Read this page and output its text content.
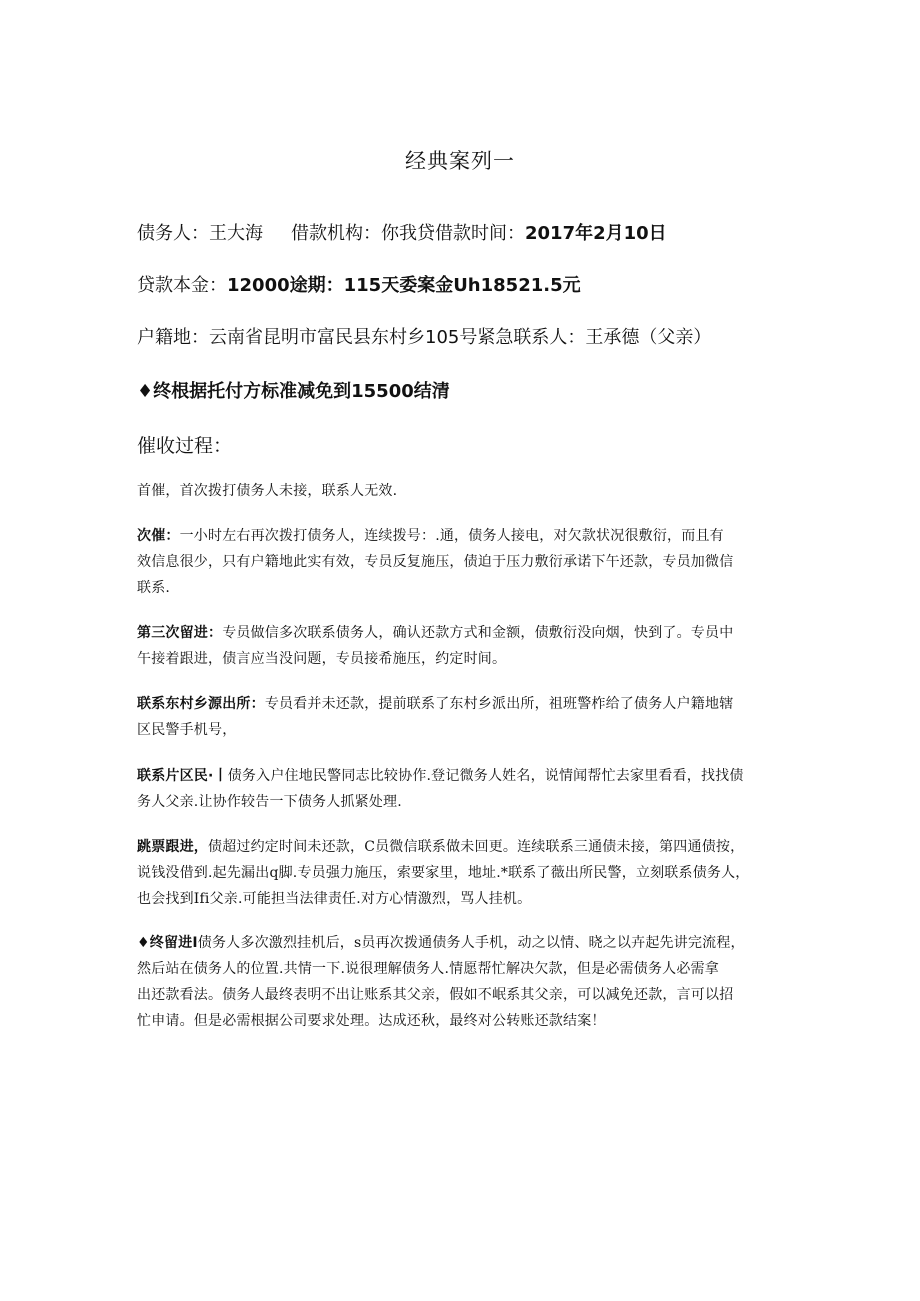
经典案列一
债务人：王大海 借款机构：你我贷借款时间：2017年2月10日
贷款本金：12000途期：115天委案金Uh18521.5元
户籍地：云南省昆明市富民县东村乡105号紧急联系人：王承德（父亲）
♦终根据托付方标准减免到15500结清
催收过程：
首催，首次拨打债务人未接，联系人无效.
次催：一小时左右再次拨打债务人，连续拨号：.通，债务人接电，对欠款状况很敷衍，而且有
效信息很少，只有户籍地此实有效，专员反复施压，债迫于压力敷衍承诺下午还款，专员加微信
联系.
第三次留进：专员做信多次联系债务人，确认还款方式和金额，债敷衍没向烟，快到了。专员中
午接着跟进，债言应当没问题，专员接希施压，约定时间。
联系东村乡源出所：专员看并未还款，提前联系了东村乡派出所，祖班警柞给了债务人户籍地辖
区民警手机号，
联系片区民·丨债务入户住地民警同志比较协作.登记微务人姓名，说情闻帮忙去家里看看，找找债
务人父亲.让协作较告一下债务人抓紧处理.
跳票跟进，债超过约定时间未还款，C员微信联系做未回更。连续联系三通债未接，第四通债按，
说钱没借到.起先漏出q脚.专员强力施压，索要家里，地址.*联系了薇出所民警，立刻联系债务人，
也会找到Ifi父亲.可能担当法律责任.对方心情激烈，骂人挂机。
♦终留进I债务人多次激烈挂机后，s员再次拨通债务人手机，动之以情、晓之以卉起先讲完流程，
然后站在债务人的位置.共情一下.说很理解债务人.情愿帮忙解决欠款，但是必需债务人必需拿
出还款看法。债务人最终表明不出让账系其父亲，假如不岷系其父亲，可以减免还款，言可以招
忙申请。但是必需根据公司要求处理。达成还秋，最终对公转账还款结案！
